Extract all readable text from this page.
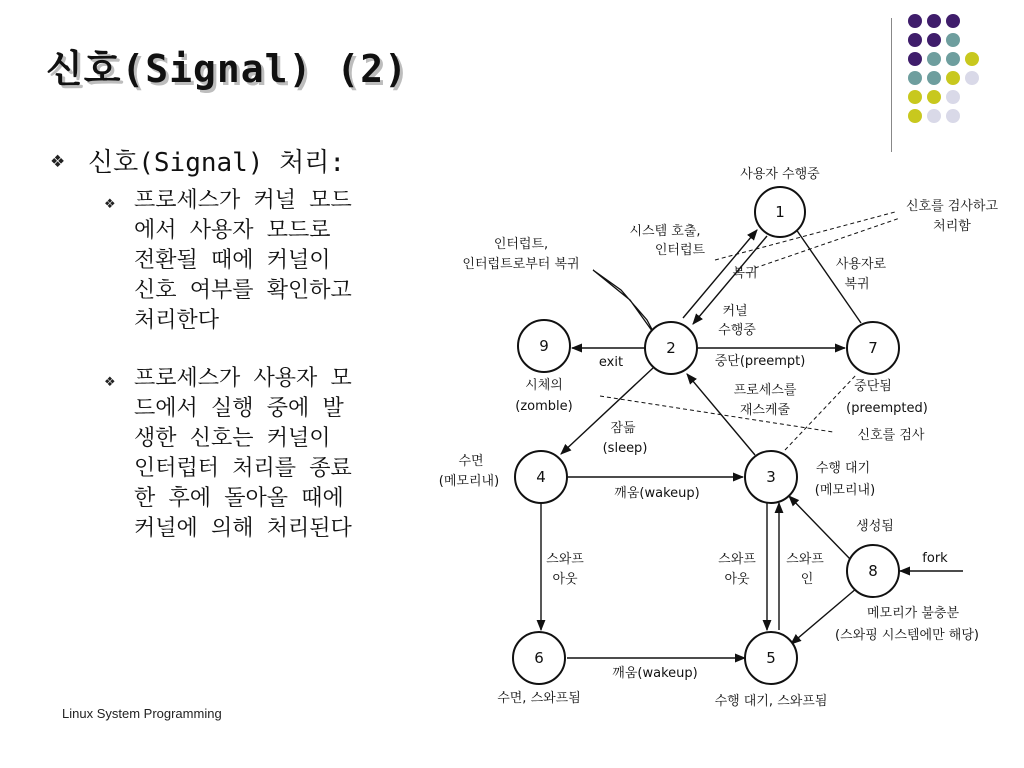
신호(Signal) (2)
❖ 신호(Signal) 처리:
❖ 프로세스가 커널 모드
에서 사용자 모드로
전환될 때에 커널이
신호 여부를 확인하고
처리한다
❖ 프로세스가 사용자 모
드에서 실행 중에 발
생한 신호는 커널이
인터럽터 처리를 종료
한 후에 돌아올 때에
커널에 의해 처리된다
Linux System Programming
1
2
9	7
4	3
8
6	5
사용자 수행중
시스템 호출,
인터럽트
복귀
인터럽트,
인터럽트로부터 복귀
신호를 검사하고
처리함
사용자로
복귀
커널
수행중
중단(preempt)
exit
시체의
(zomble)
중단됨
(preempted)
프로세스를
재스케줄
신호를 검사
잠듦
(sleep)
수면
(메모리내)
수행 대기
(메모리내)
깨움(wakeup)
생성됨
스와프
아웃
스와프
아웃
스와프
인
fork
메모리가 불충분
(스와핑 시스템에만 해당)
깨움(wakeup)
수면, 스와프됨	수행 대기, 스와프됨
